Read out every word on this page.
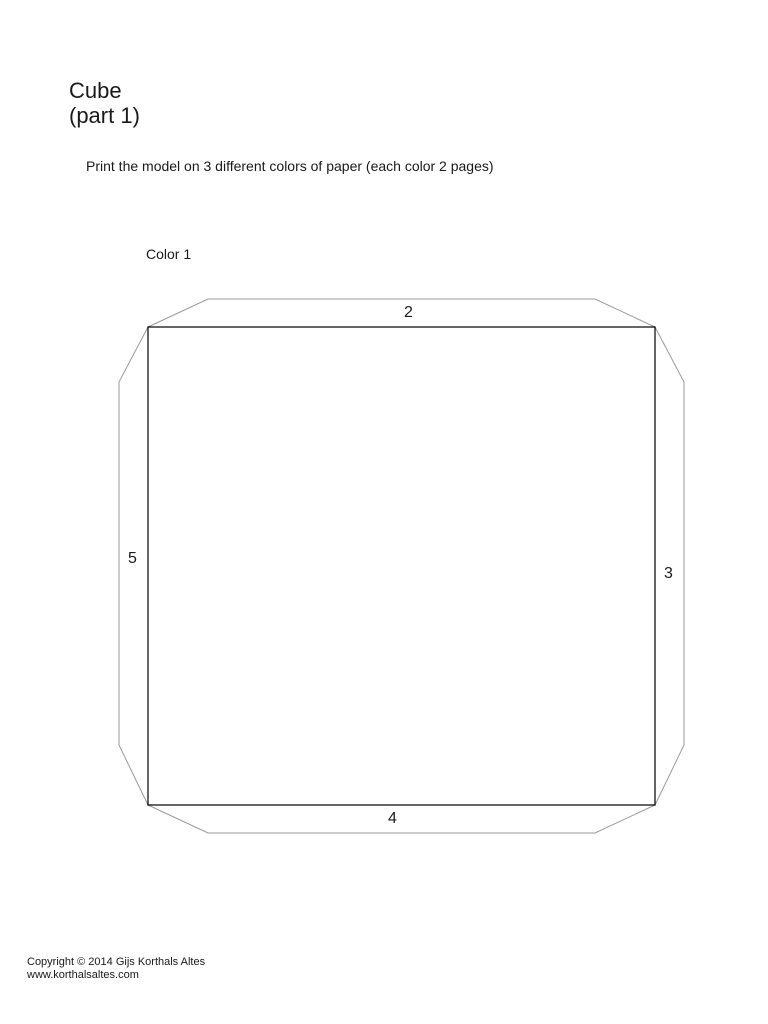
Cube
(part 1)
Print the model on 3 different colors of paper (each color 2 pages)
Color 1
2
3
4
5
Copyright © 2014 Gijs Korthals Altes
www.korthalsaltes.com
